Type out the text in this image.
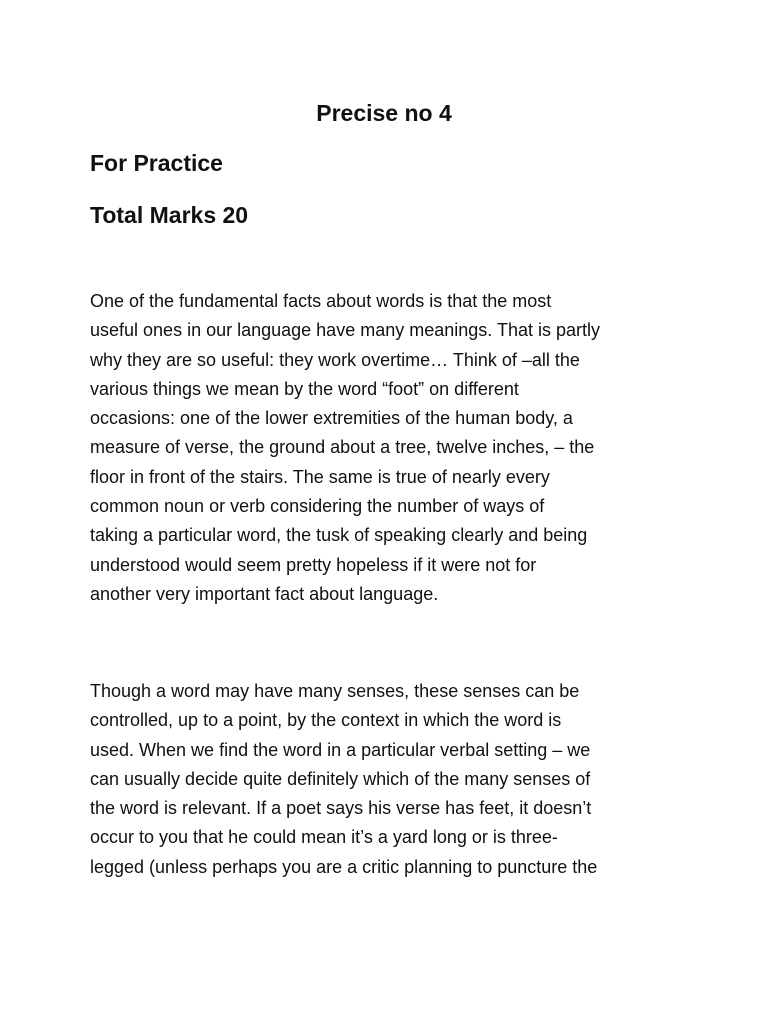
Precise no 4
For Practice
Total Marks 20

One of the fundamental facts about words is that the most
useful ones in our language have many meanings. That is partly
why they are so useful: they work overtime… Think of –all the
various things we mean by the word “foot” on different
occasions: one of the lower extremities of the human body, a
measure of verse, the ground about a tree, twelve inches, – the
floor in front of the stairs. The same is true of nearly every
common noun or verb considering the number of ways of
taking a particular word, the tusk of speaking clearly and being
understood would seem pretty hopeless if it were not for
another very important fact about language.

Though a word may have many senses, these senses can be
controlled, up to a point, by the context in which the word is
used. When we find the word in a particular verbal setting – we
can usually decide quite definitely which of the many senses of
the word is relevant. If a poet says his verse has feet, it doesn’t
occur to you that he could mean it’s a yard long or is three-
legged (unless perhaps you are a critic planning to puncture the
